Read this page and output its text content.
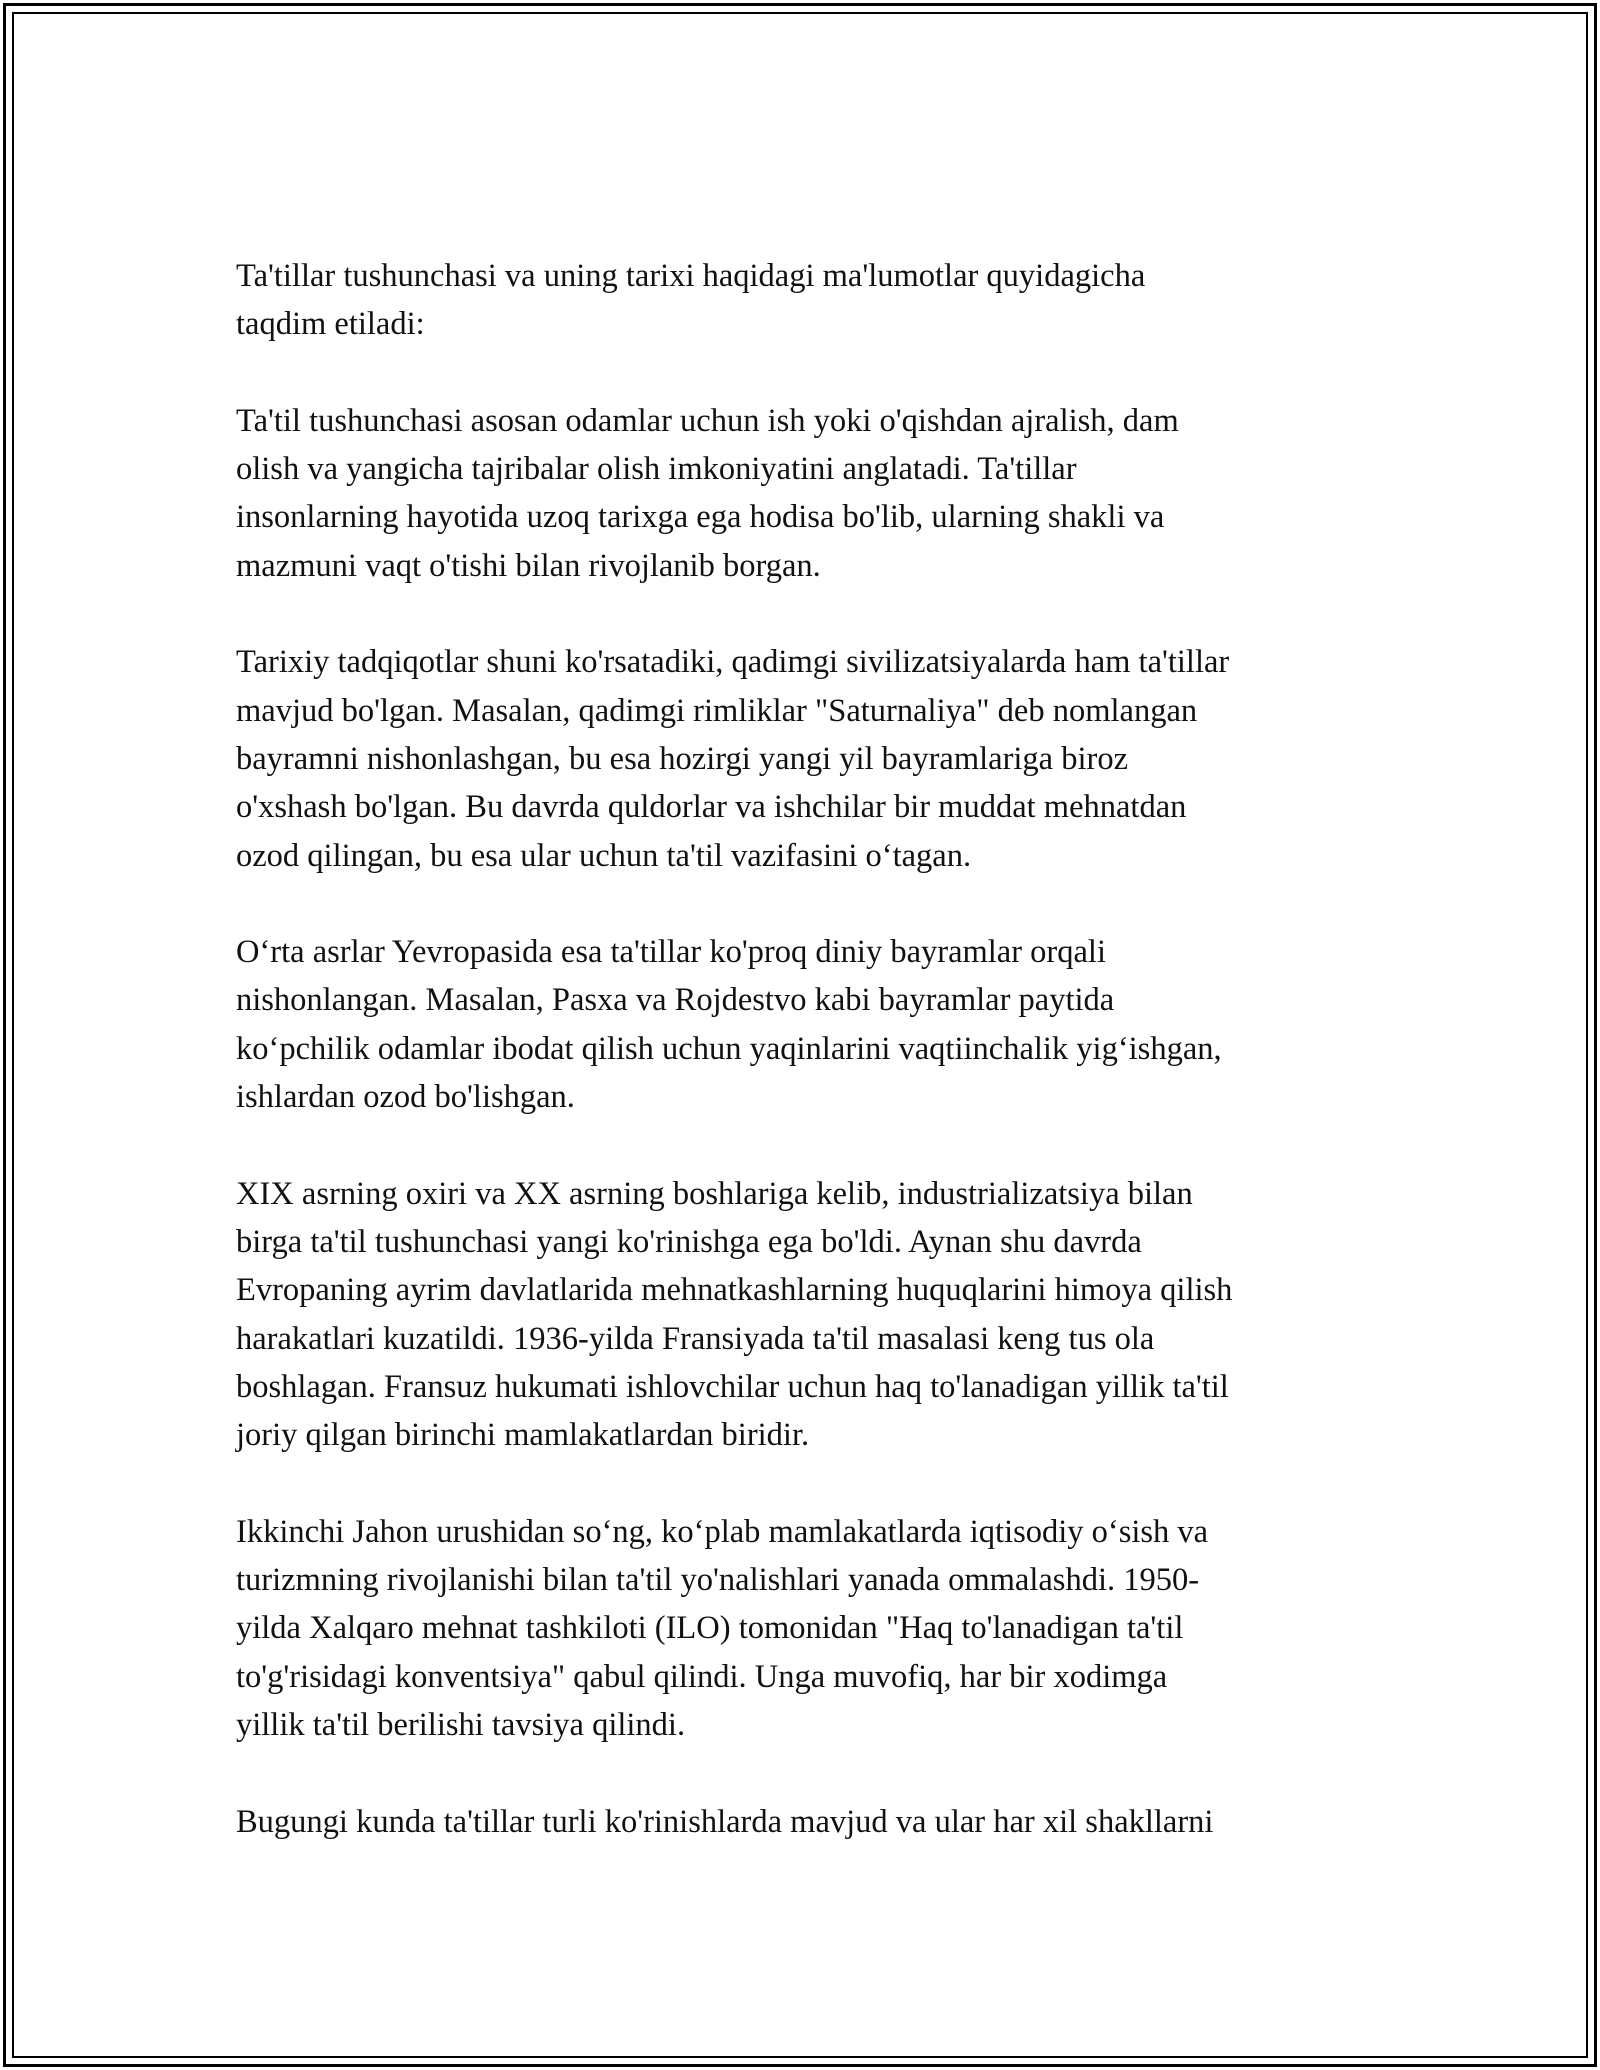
Ta'tillar tushunchasi va uning tarixi haqidagi ma'lumotlar quyidagicha
taqdim etiladi:

Ta'til tushunchasi asosan odamlar uchun ish yoki o'qishdan ajralish, dam
olish va yangicha tajribalar olish imkoniyatini anglatadi. Ta'tillar
insonlarning hayotida uzoq tarixga ega hodisa bo'lib, ularning shakli va
mazmuni vaqt o'tishi bilan rivojlanib borgan.

Tarixiy tadqiqotlar shuni ko'rsatadiki, qadimgi sivilizatsiyalarda ham ta'tillar
mavjud bo'lgan. Masalan, qadimgi rimliklar "Saturnaliya" deb nomlangan
bayramni nishonlashgan, bu esa hozirgi yangi yil bayramlariga biroz
o'xshash bo'lgan. Bu davrda quldorlar va ishchilar bir muddat mehnatdan
ozod qilingan, bu esa ular uchun ta'til vazifasini o‘tagan.

O‘rta asrlar Yevropasida esa ta'tillar ko'proq diniy bayramlar orqali
nishonlangan. Masalan, Pasxa va Rojdestvo kabi bayramlar paytida
ko‘pchilik odamlar ibodat qilish uchun yaqinlarini vaqtiinchalik yig‘ishgan,
ishlardan ozod bo'lishgan.

XIX asrning oxiri va XX asrning boshlariga kelib, industrializatsiya bilan
birga ta'til tushunchasi yangi ko'rinishga ega bo'ldi. Aynan shu davrda
Evropaning ayrim davlatlarida mehnatkashlarning huquqlarini himoya qilish
harakatlari kuzatildi. 1936-yilda Fransiyada ta'til masalasi keng tus ola
boshlagan. Fransuz hukumati ishlovchilar uchun haq to'lanadigan yillik ta'til
joriy qilgan birinchi mamlakatlardan biridir.

Ikkinchi Jahon urushidan so‘ng, ko‘plab mamlakatlarda iqtisodiy o‘sish va
turizmning rivojlanishi bilan ta'til yo'nalishlari yanada ommalashdi. 1950-
yilda Xalqaro mehnat tashkiloti (ILO) tomonidan "Haq to'lanadigan ta'til
to'g'risidagi konventsiya" qabul qilindi. Unga muvofiq, har bir xodimga
yillik ta'til berilishi tavsiya qilindi.

Bugungi kunda ta'tillar turli ko'rinishlarda mavjud va ular har xil shakllarni
